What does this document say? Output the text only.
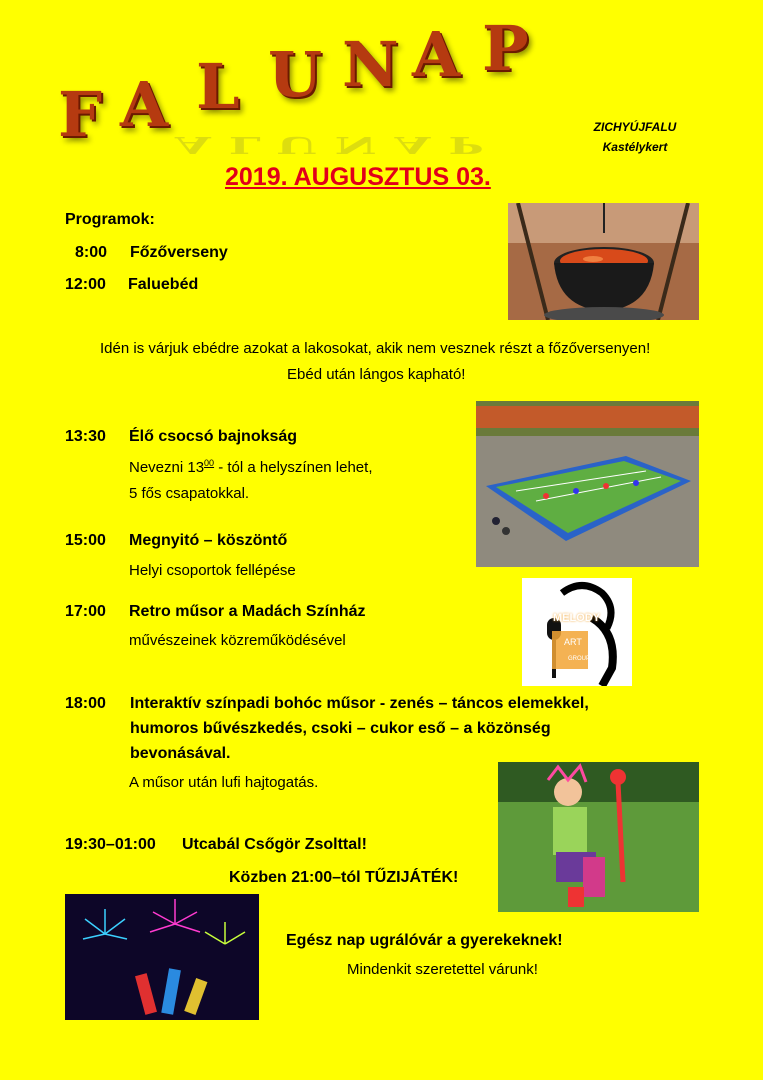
F A L U N A P
ALUNAP
ZICHYÚJFALU
Kastélykert
2019. AUGUSZTUS 03.
Programok:
8:00 Főzőverseny
12:00 Faluebéd
Idén is várjuk ebédre azokat a lakosokat, akik nem vesznek részt a főzőversenyen!
Ebéd után lángos kapható!
13:30 Élő csocsó bajnokság
Nevezni $13^{00}$ - tól a helyszínen lehet,
5 fős csapatokkal.
15:00 Megnyitó – köszöntő
Helyi csoportok fellépése
MELODY
ART
GROUP
17:00 Retro műsor a Madách Színház
művészeinek közreműködésével
18:00 Interaktív színpadi bohóc műsor - zenés – táncos elemekkel,
humoros bűvészkedés, csoki – cukor eső – a közönség
bevonásával.
A műsor után lufi hajtogatás.
19:30–01:00 Utcabál Csőgör Zsolttal!
Közben 21:00–tól TŰZIJÁTÉK!
Egész nap ugrálóvár a gyerekeknek!
Mindenkit szeretettel várunk!
